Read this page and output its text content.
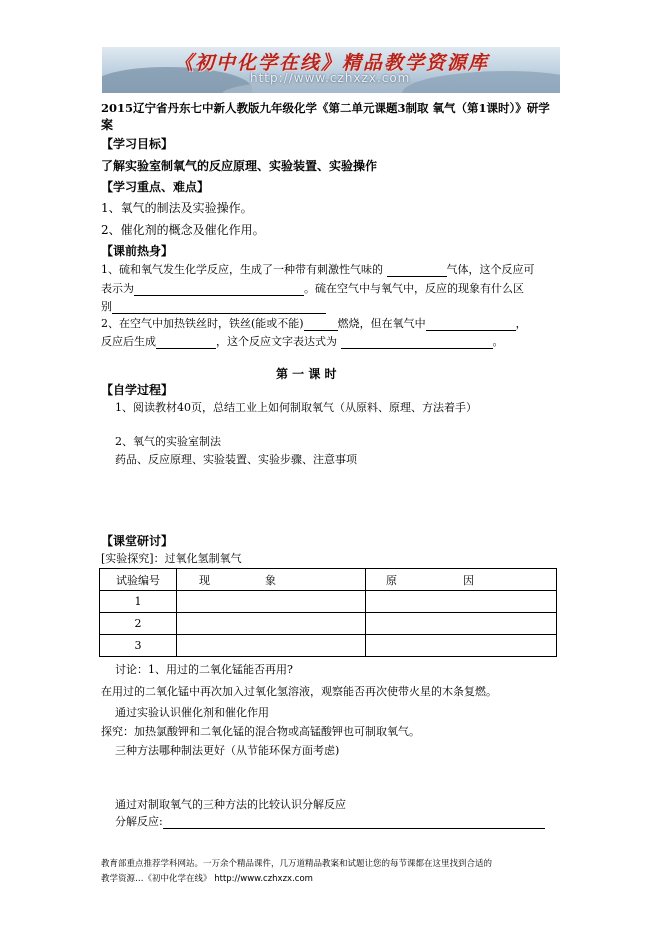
《初中化学在线》精品教学资源库
http://www.czhxzx.com
2015辽宁省丹东七中新人教版九年级化学《第二单元课题3制取 氧气（第1课时）》研学
案
【学习目标】
了解实验室制氧气的反应原理、实验装置、实验操作
【学习重点、难点】
1、氧气的制法及实验操作。
2、催化剂的概念及催化作用。
【课前热身】
1、硫和氧气发生化学反应，生成了一种带有刺激性气味的	气体，这个反应可
表示为	。硫在空气中与氧气中，反应的现象有什么区
别
2、在空气中加热铁丝时，铁丝(能或不能)	燃烧，但在氧气中	，
反应后生成	，这个反应文字表达式为	。
第 一 课 时
【自学过程】
1、阅读教材40页，总结工业上如何制取氧气（从原料、原理、方法着手）
2、氧气的实验室制法
药品、反应原理、实验装置、实验步骤、注意事项
【课堂研讨】
[实验探究]：过氧化氢制氧气
试验编号	现　　　　　象	原　　　　　　因
1		
2		
3		
讨论：1、用过的二氧化锰能否再用?
在用过的二氧化锰中再次加入过氧化氢溶液，观察能否再次使带火星的木条复燃。
通过实验认识催化剂和催化作用
探究：加热氯酸钾和二氧化锰的混合物或高锰酸钾也可制取氧气。
三种方法哪种制法更好（从节能环保方面考虑)
通过对制取氧气的三种方法的比较认识分解反应
分解反应:
教育部重点推荐学科网站。一万余个精品课件，几万道精品教案和试题让您的每节课都在这里找到合适的
教学资源…《初中化学在线》 http://www.czhxzx.com
